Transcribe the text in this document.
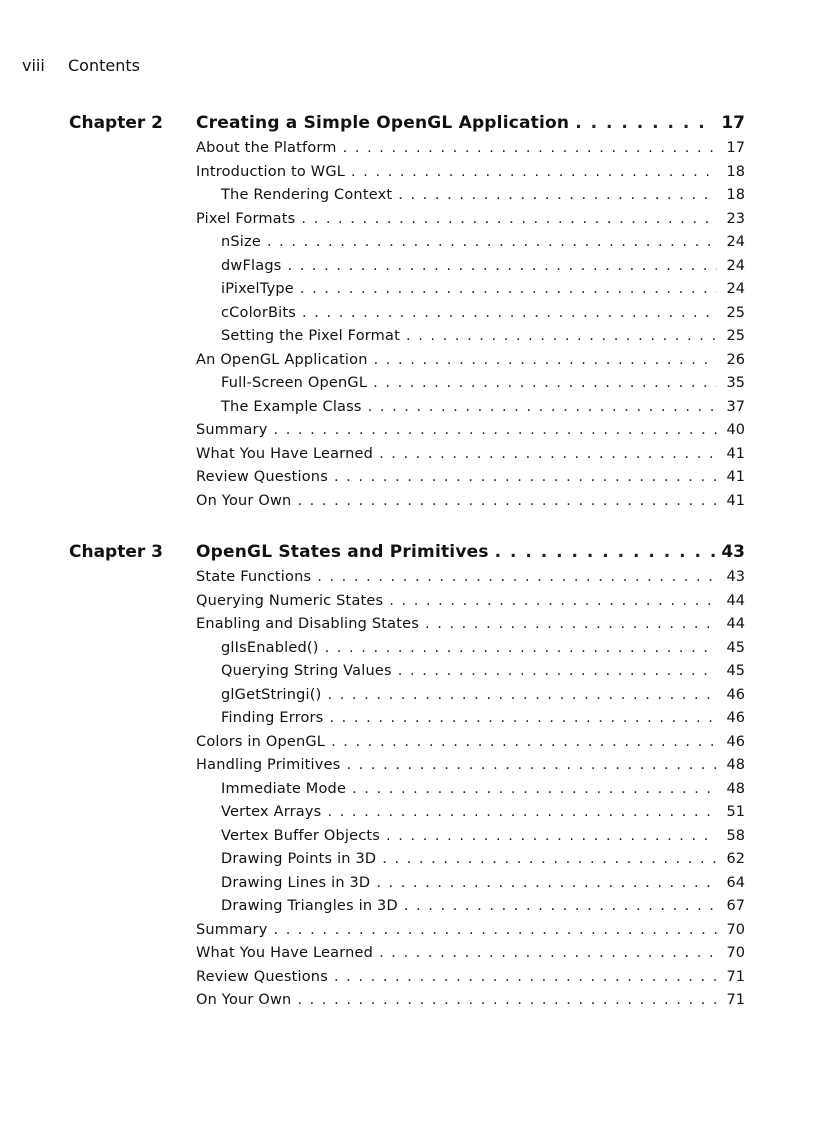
viii Contents
Chapter 2 Creating a Simple OpenGL Application . . .	17
About the Platform . . .	17
Introduction to WGL . . .	18
The Rendering Context . . .	18
Pixel Formats . . .	23
nSize . . .	24
dwFlags . . .	24
iPixelType . . .	24
cColorBits . . .	25
Setting the Pixel Format . . .	25
An OpenGL Application . . .	26
Full-Screen OpenGL . . .	35
The Example Class . . .	37
Summary . . .	40
What You Have Learned . . .	41
Review Questions . . .	41
On Your Own . . .	41
Chapter 3 OpenGL States and Primitives . . .	43
State Functions . . .	43
Querying Numeric States . . .	44
Enabling and Disabling States . . .	44
glIsEnabled() . . .	45
Querying String Values . . .	45
glGetStringi() . . .	46
Finding Errors . . .	46
Colors in OpenGL . . .	46
Handling Primitives . . .	48
Immediate Mode . . .	48
Vertex Arrays . . .	51
Vertex Buffer Objects . . .	58
Drawing Points in 3D . . .	62
Drawing Lines in 3D . . .	64
Drawing Triangles in 3D . . .	67
Summary . . .	70
What You Have Learned . . .	70
Review Questions . . .	71
On Your Own . . .	71
